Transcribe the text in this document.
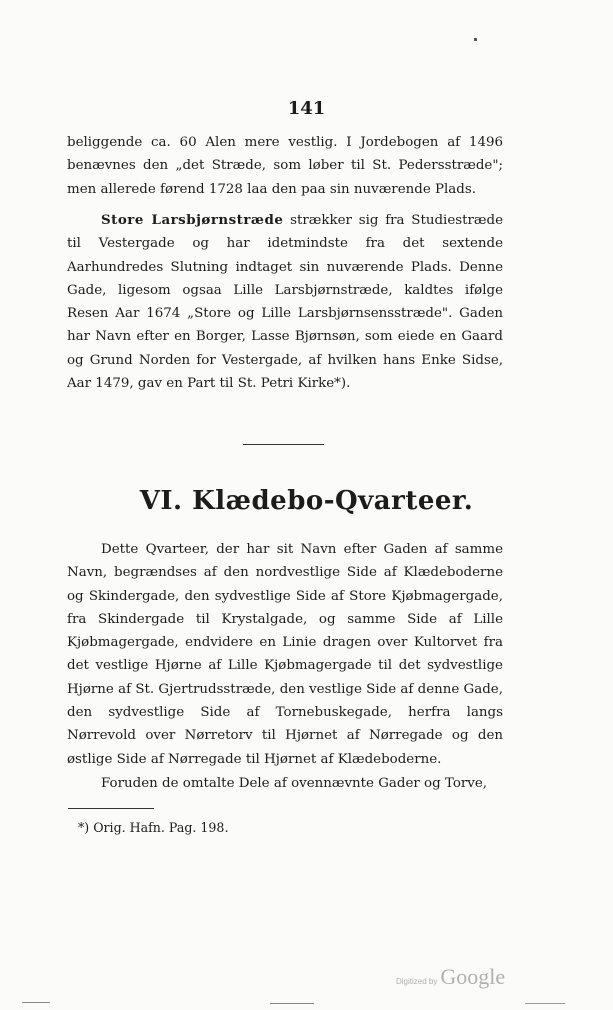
141

beliggende ca. 60 Alen mere vestlig. I Jordebogen af 1496 benævnes den „det Stræde, som løber til St. Pedersstræde"; men allerede førend 1728 laa den paa sin nuværende Plads.

Store Larsbjørnstræde strækker sig fra Studiestræde til Vestergade og har idetmindste fra det sextende Aarhundredes Slutning indtaget sin nuværende Plads. Denne Gade, ligesom ogsaa Lille Larsbjørnstræde, kaldtes ifølge Resen Aar 1674 „Store og Lille Larsbjørnsensstræde". Gaden har Navn efter en Borger, Lasse Bjørnsøn, som eiede en Gaard og Grund Norden for Vestergade, af hvilken hans Enke Sidse, Aar 1479, gav en Part til St. Petri Kirke*).

VI. Klædebo-Qvarteer.

Dette Qvarteer, der har sit Navn efter Gaden af samme Navn, begrændses af den nordvestlige Side af Klædeboderne og Skindergade, den sydvestlige Side af Store Kjøbmagergade, fra Skindergade til Krystalgade, og samme Side af Lille Kjøbmagergade, endvidere en Linie dragen over Kultorvet fra det vestlige Hjørne af Lille Kjøbmagergade til det sydvestlige Hjørne af St. Gjertrudsstræde, den vestlige Side af denne Gade, den sydvestlige Side af Tornebuskegade, herfra langs Nørrevold over Nørretorv til Hjørnet af Nørregade og den østlige Side af Nørregade til Hjørnet af Klædeboderne.

Foruden de omtalte Dele af ovennævnte Gader og Torve,

*) Orig. Hafn. Pag. 198.
Digitized by Google
